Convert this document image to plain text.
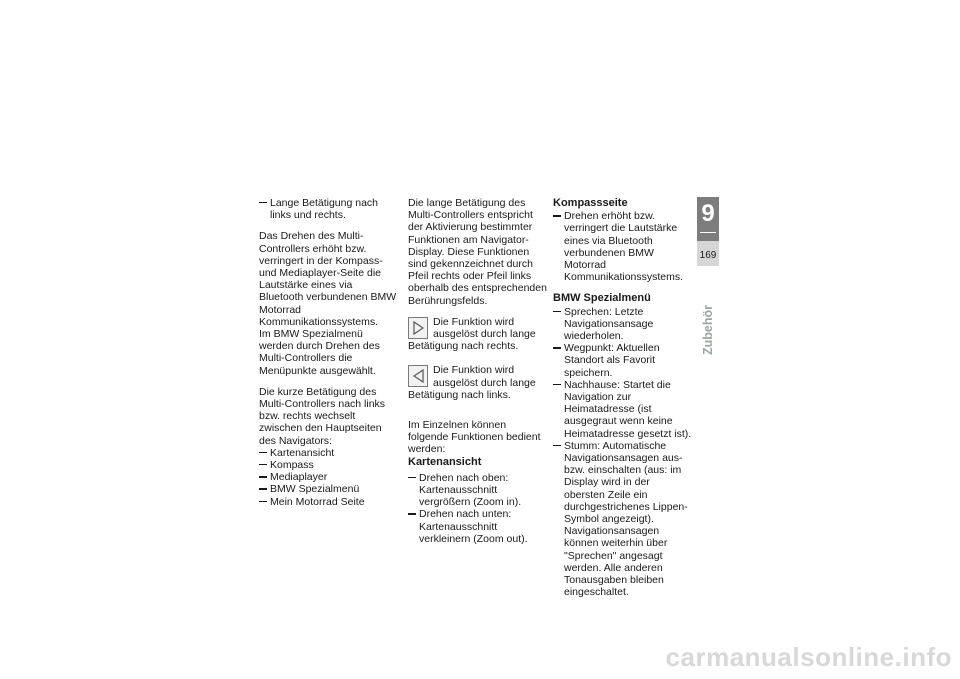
Lange Betätigung nach links und rechts.

Das Drehen des Multi-Controllers erhöht bzw. verringert in der Kompass- und Mediaplayer-Seite die Lautstärke eines via Bluetooth verbundenen BMW Motorrad Kommunikationssystems.
Im BMW Spezialmenü werden durch Drehen des Multi-Controllers die Menüpunkte ausgewählt.

Die kurze Betätigung des Multi-Controllers nach links bzw. rechts wechselt zwischen den Hauptseiten des Navigators:

Kartenansicht
Kompass
Mediaplayer
BMW Spezialmenü
Mein Motorrad Seite

Die lange Betätigung des Multi-Controllers entspricht der Aktivierung bestimmter Funktionen am Navigator-Display. Diese Funktionen sind gekennzeichnet durch Pfeil rechts oder Pfeil links oberhalb des entsprechenden Berührungsfelds.

Die Funktion wird ausgelöst durch lange Betätigung nach rechts.
Die Funktion wird ausgelöst durch lange Betätigung nach links.

Im Einzelnen können folgende Funktionen bedient werden:

Kartenansicht
Drehen nach oben: Kartenausschnitt vergrößern (Zoom in).
Drehen nach unten: Kartenausschnitt verkleinern (Zoom out).
Kompassseite
Drehen erhöht bzw. verringert die Lautstärke eines via Bluetooth verbundenen BMW Motorrad Kommunikationssystems.
BMW Spezialmenü
Sprechen: Letzte Navigationsansage wiederholen.
Wegpunkt: Aktuellen Standort als Favorit speichern.
Nachhause: Startet die Navigation zur Heimatadresse (ist ausgegraut wenn keine Heimatadresse gesetzt ist).
Stumm: Automatische Navigationsansagen aus- bzw. einschalten (aus: im Display wird in der obersten Zeile ein durchgestrichenes Lippen-Symbol angezeigt). Navigationsansagen können weiterhin über "Sprechen" angesagt werden. Alle anderen Tonausgaben bleiben eingeschaltet.
9
169
Zubehör
carmanualsonline.info
